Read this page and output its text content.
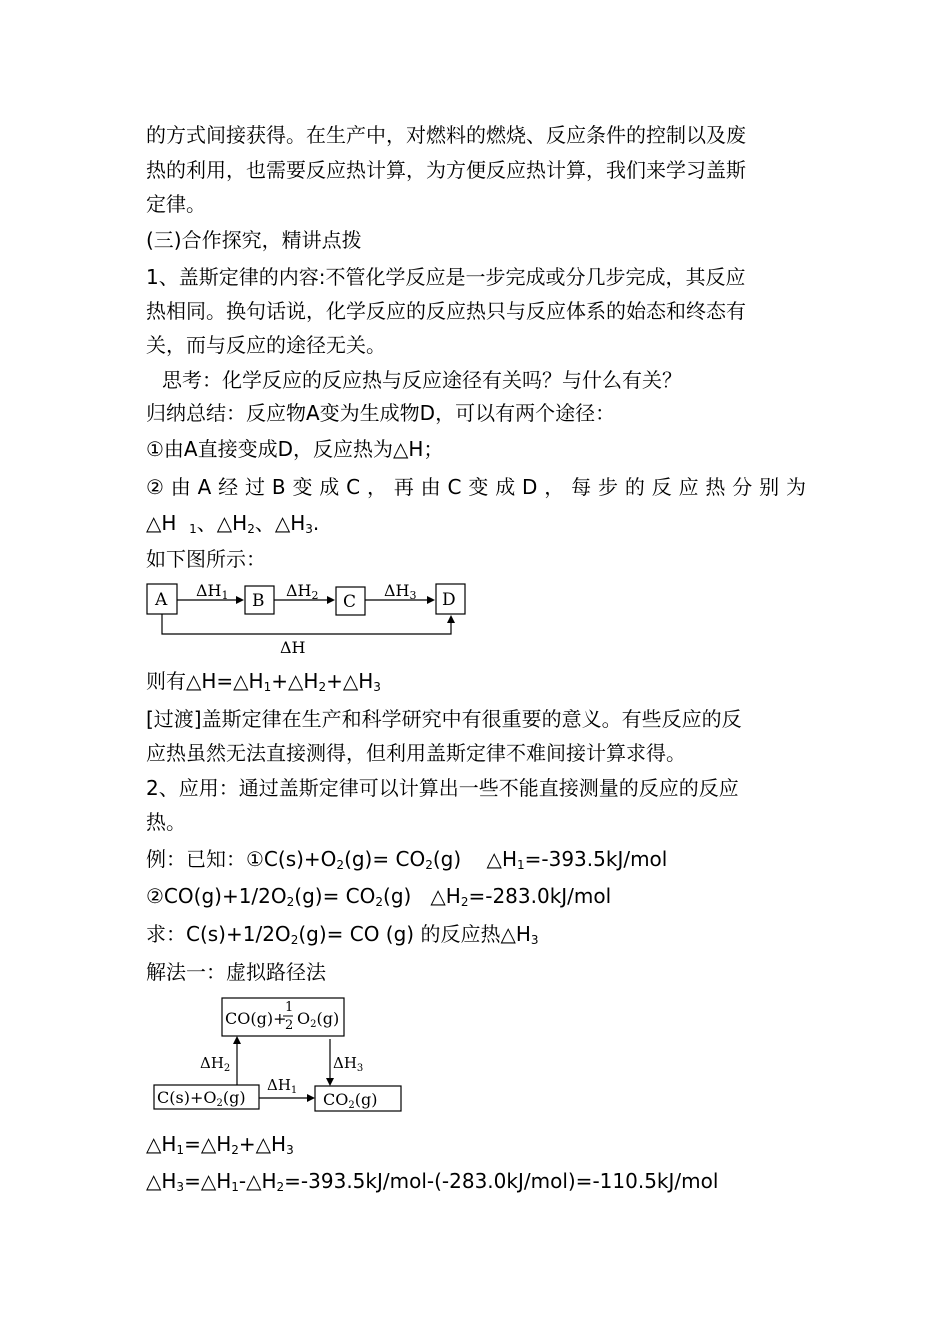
的方式间接获得。在生产中，对燃料的燃烧、反应条件的控制以及废
热的利用，也需要反应热计算，为方便反应热计算，我们来学习盖斯
定律。
(三)合作探究，精讲点拨
1、盖斯定律的内容:不管化学反应是一步完成或分几步完成，其反应
热相同。换句话说，化学反应的反应热只与反应体系的始态和终态有
关，而与反应的途径无关。
思考：化学反应的反应热与反应途径有关吗？与什么有关？
归纳总结：反应物A变为生成物D，可以有两个途径：
①由A直接变成D，反应热为△H；
②由A经过B变成C，再由C变成D，每步的反应热分别为
△H $_1$、$\triangle H_2$、$\triangle H_3$.
如下图所示：
A	B	C	D
ΔH1	ΔH2	ΔH3
ΔH
则有$\triangle H=\triangle H_1+\triangle H_2+\triangle H_3$
[过渡]盖斯定律在生产和科学研究中有很重要的意义。有些反应的反
应热虽然无法直接测得，但利用盖斯定律不难间接计算求得。
2、应用：通过盖斯定律可以计算出一些不能直接测量的反应的反应
热。
例：已知：$①C(s)+O_2(g)= CO_2(g)$    $\triangle H_1=-393.5kJ$/mol
$②CO(g)+1/2O_2(g)= CO_2(g)$   $\triangle H_2=-283.0kJ$/mol
求：$C(s)+1/2O_2(g)=$ CO (g) 的反应热$\triangle H_3$
解法一：虚拟路径法
CO(g)+
1
2 O2(g)
C(s)+O2(g)	CO2(g)
$\Delta H_2$	$\Delta H_3$
$\Delta H_1$
$\triangle H_1=\triangle H_2+\triangle H_3$
$\triangle H_3=\triangle H_1-\triangle H_2=-393.5kJ/mol-(-283.0kJ/mol)=-110.5kJ$/mol
